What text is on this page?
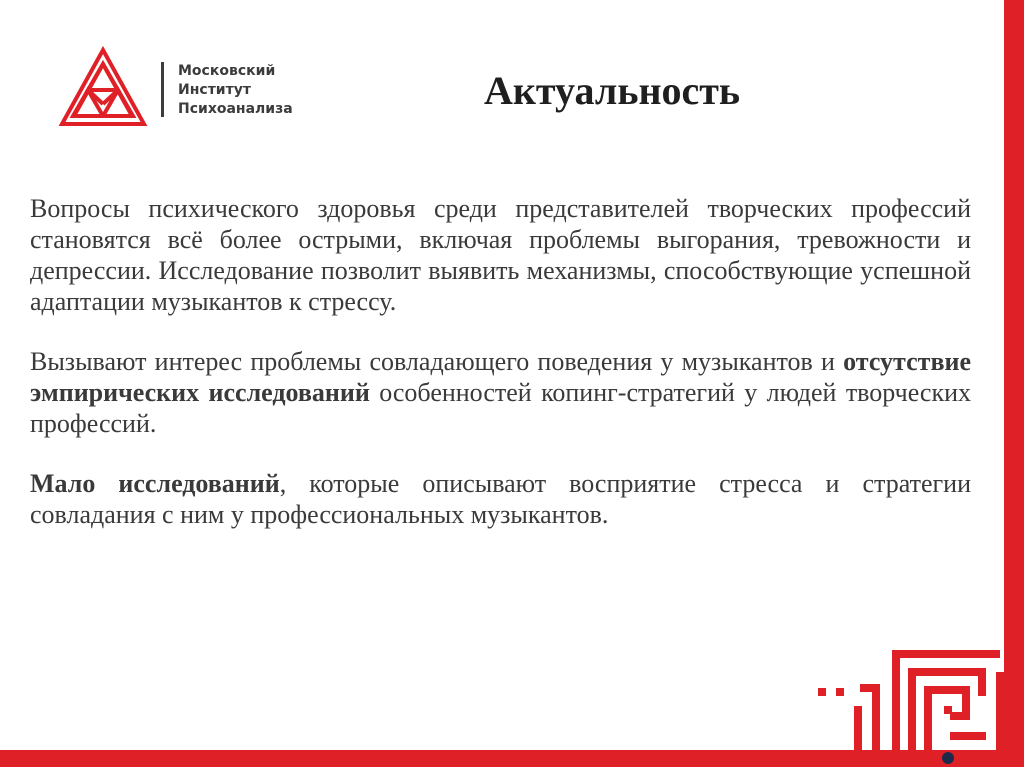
Московский
Институт
Психоанализа	Актуальность

Вопросы психического здоровья среди представителей творческих профессий становятся всё более острыми, включая проблемы выгорания, тревожности и депрессии. Исследование позволит выявить механизмы, способствующие успешной адаптации музыкантов к стрессу.

Вызывают интерес проблемы совладающего поведения у музыкантов и отсутствие эмпирических исследований особенностей копинг-стратегий у людей творческих профессий.

Мало исследований, которые описывают восприятие стресса и стратегии совладания с ним у профессиональных музыкантов.
